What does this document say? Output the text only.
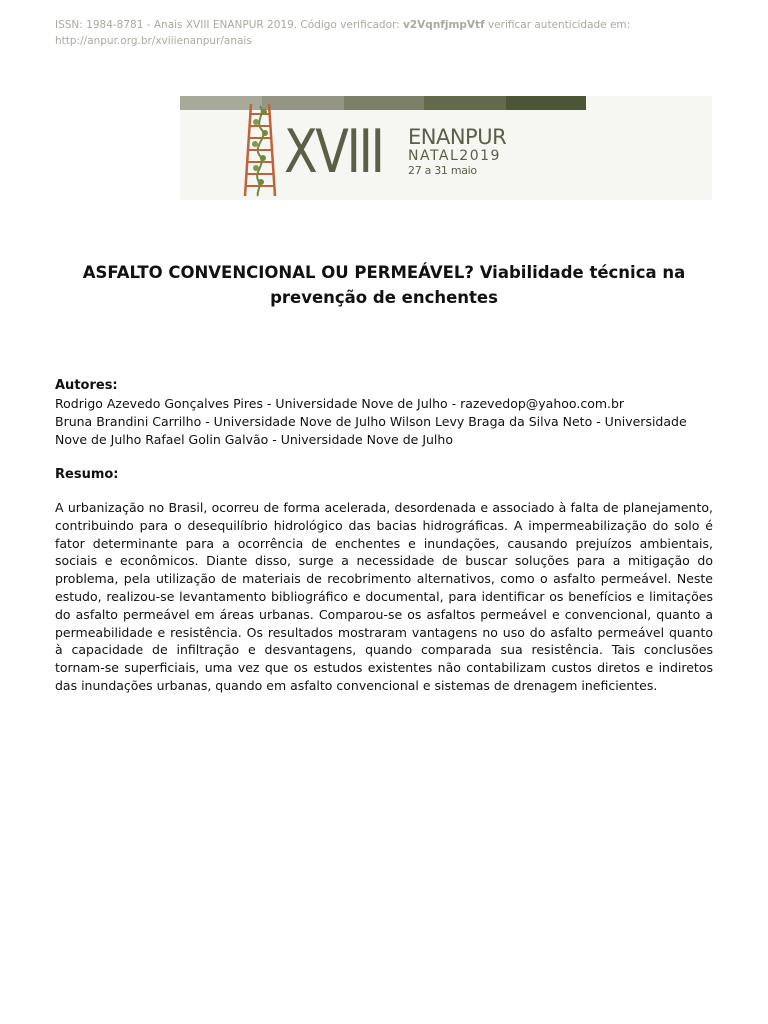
ISSN: 1984-8781 - Anais XVIII ENANPUR 2019. Código verificador: v2VqnfjmpVtf verificar autenticidade em:
http://anpur.org.br/xviiienanpur/anais
XVIII ENANPUR
NATAL2019
27 a 31 maio
ASFALTO CONVENCIONAL OU PERMEÁVEL? Viabilidade técnica na prevenção de enchentes
Autores:
Rodrigo Azevedo Gonçalves Pires - Universidade Nove de Julho - razevedop@yahoo.com.br
Bruna Brandini Carrilho - Universidade Nove de Julho Wilson Levy Braga da Silva Neto - Universidade Nove de Julho Rafael Golin Galvão - Universidade Nove de Julho
Resumo:
A urbanização no Brasil, ocorreu de forma acelerada, desordenada e associado à falta de planejamento, contribuindo para o desequilíbrio hidrológico das bacias hidrográficas. A impermeabilização do solo é fator determinante para a ocorrência de enchentes e inundações, causando prejuízos ambientais, sociais e econômicos. Diante disso, surge a necessidade de buscar soluções para a mitigação do problema, pela utilização de materiais de recobrimento alternativos, como o asfalto permeável. Neste estudo, realizou-se levantamento bibliográfico e documental, para identificar os benefícios e limitações do asfalto permeável em áreas urbanas. Comparou-se os asfaltos permeável e convencional, quanto a permeabilidade e resistência. Os resultados mostraram vantagens no uso do asfalto permeável quanto à capacidade de infiltração e desvantagens, quando comparada sua resistência. Tais conclusões tornam-se superficiais, uma vez que os estudos existentes não contabilizam custos diretos e indiretos das inundações urbanas, quando em asfalto convencional e sistemas de drenagem ineficientes.
